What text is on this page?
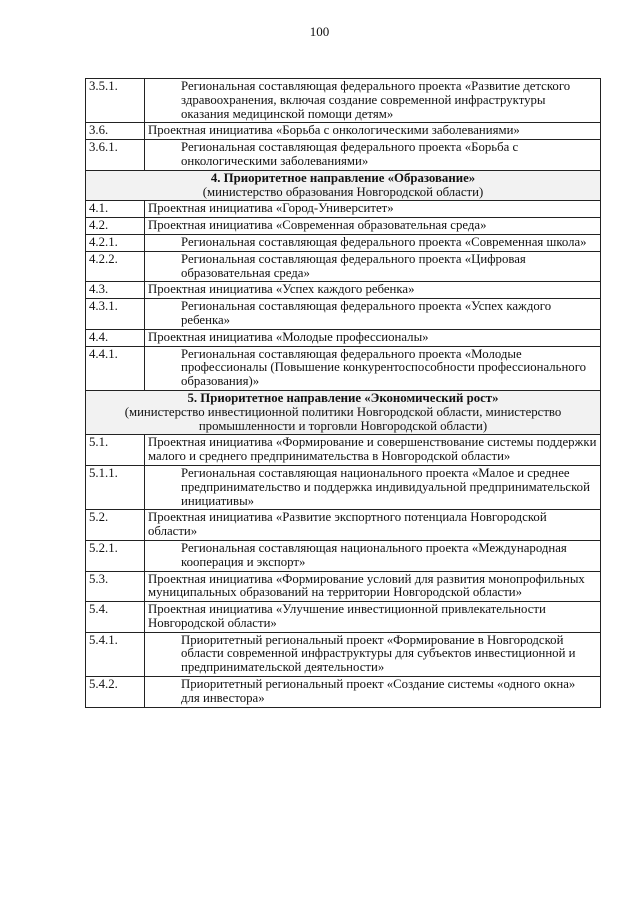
100
3.5.1.	Региональная составляющая федерального проекта «Развитие детского здравоохранения, включая создание современной инфраструктуры оказания медицинской помощи детям»
3.6.	Проектная инициатива «Борьба с онкологическими заболеваниями»
3.6.1.	Региональная составляющая федерального проекта «Борьба с онкологическими заболеваниями»

4. Приоритетное направление «Образование»
(министерство образования Новгородской области)	

4.1.	Проектная инициатива «Город-Университет»
4.2.	Проектная инициатива «Современная образовательная среда»
4.2.1.	Региональная составляющая федерального проекта «Современная школа»
4.2.2.	Региональная составляющая федерального проекта «Цифровая образовательная среда»
4.3.	Проектная инициатива «Успех каждого ребенка»
4.3.1.	Региональная составляющая федерального проекта «Успех каждого ребенка»
4.4.	Проектная инициатива «Молодые профессионалы»
4.4.1.	Региональная составляющая федерального проекта «Молодые профессионалы (Повышение конкурентоспособности профессионального образования)»

5. Приоритетное направление «Экономический рост»
(министерство инвестиционной политики Новгородской области, министерство промышленности и торговли Новгородской области)	

5.1.	Проектная инициатива «Формирование и совершенствование системы поддержки малого и среднего предпринимательства в Новгородской области»
5.1.1.	Региональная составляющая национального проекта «Малое и среднее предпринимательство и поддержка индивидуальной предпринимательской инициативы»
5.2.	Проектная инициатива «Развитие экспортного потенциала Новгородской области»
5.2.1.	Региональная составляющая национального проекта «Международная кооперация и экспорт»
5.3.	Проектная инициатива «Формирование условий для развития монопрофильных муниципальных образований на территории Новгородской области»
5.4.	Проектная инициатива «Улучшение инвестиционной привлекательности Новгородской области»
5.4.1.	Приоритетный региональный проект «Формирование в Новгородской области современной инфраструктуры для субъектов инвестиционной и предпринимательской деятельности»
5.4.2.	Приоритетный региональный проект «Создание системы «одного окна» для инвестора»
